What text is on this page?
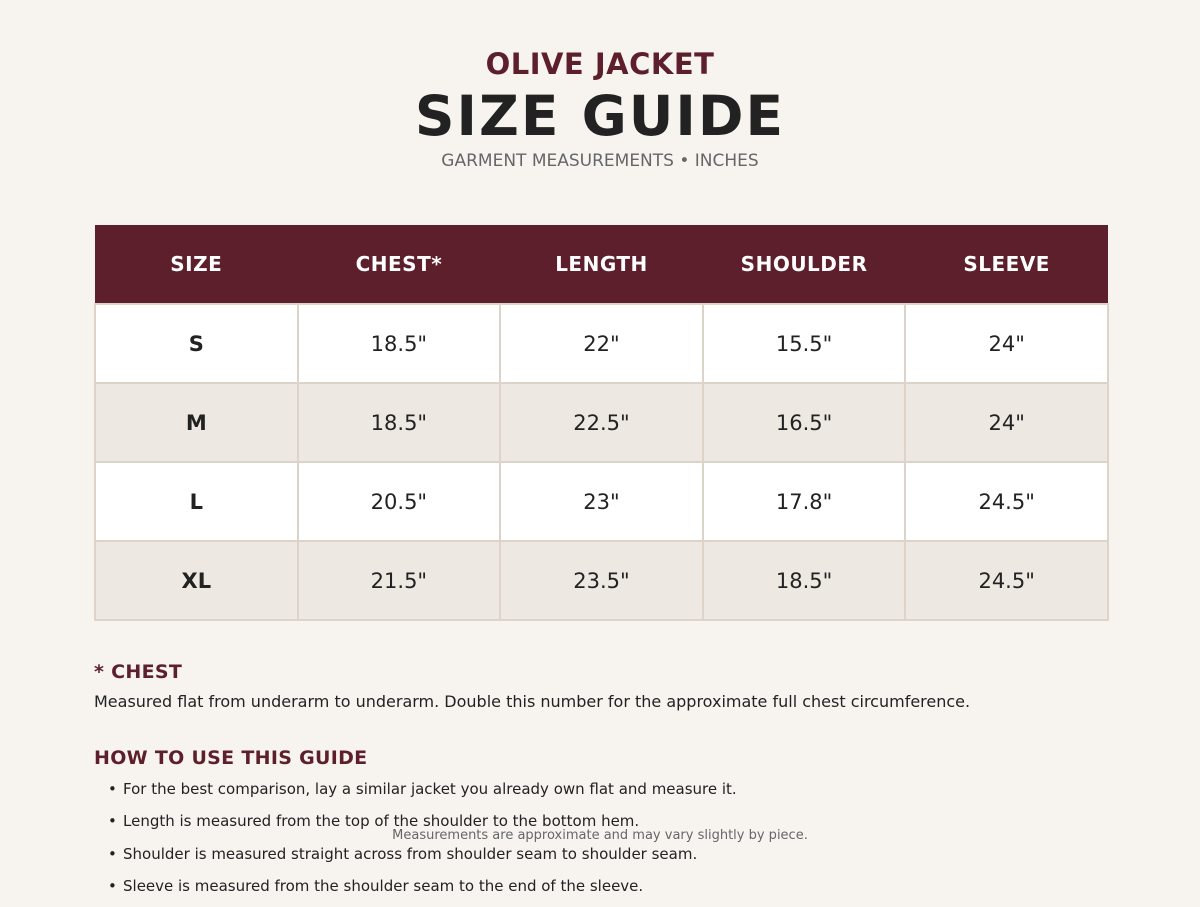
OLIVE JACKET
SIZE GUIDE
GARMENT MEASUREMENTS • INCHES
SIZE	CHEST*	LENGTH	SHOULDER	SLEEVE
S	18.5"	22"	15.5"	24"
M	18.5"	22.5"	16.5"	24"
L	20.5"	23"	17.8"	24.5"
XL	21.5"	23.5"	18.5"	24.5"
* CHEST
Measured flat from underarm to underarm. Double this number for the approximate full chest circumference.
HOW TO USE THIS GUIDE
• For the best comparison, lay a similar jacket you already own flat and measure it.
• Length is measured from the top of the shoulder to the bottom hem.
• Shoulder is measured straight across from shoulder seam to shoulder seam.
• Sleeve is measured from the shoulder seam to the end of the sleeve.
Measurements are approximate and may vary slightly by piece.
